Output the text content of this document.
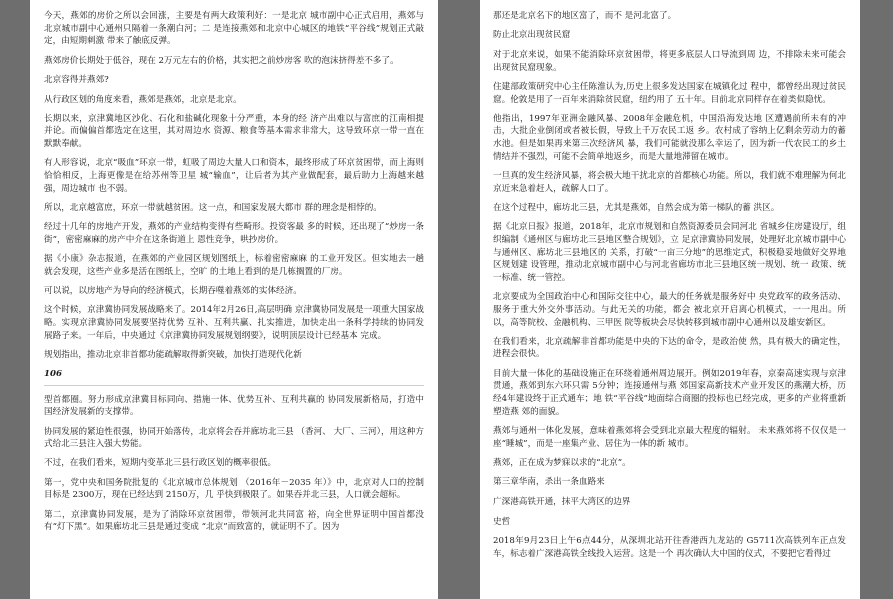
今天，燕郊的房价之所以会回涨，主要是有两大政策利好：一是北京 城市副中心正式启用，燕郊与北京城市副中心通州只隔着一条潮白河；二 是连接燕郊和北京中心城区的地铁“平谷线”规划正式敲定，由短期刺激 带来了触底反弹。

燕郊房价长期处于低谷，现在 2万元左右的价格，其实把之前炒房客 吹的泡沫挤得差不多了。

北京容得并燕郊?

从行政区划的角度来看，燕郊是燕郊，北京是北京。

长期以来，京津冀地区沙化、石化和盐碱化现象十分严重，本身的经 济产出难以与富庶的江南相提并论。而偏偏首都选定在这里，其对周边水 资源、粮食等基本需求非常大，这导致环京一带一直在默默奉献。

有人形容说，北京“吸血”环京一带，虹吸了周边大量人口和资本，最终形成了环京贫困带，而上海则恰恰相反，上海更像是在给苏州等卫星 城“输血”，让后者为其产业做配套，最后助力上海越来越强，周边城市 也不弱。

所以，北京越富庶，环京一带就越贫困。这一点，和国家发展大都市 群的理念是相悖的。

经过十几年的房地产开发，燕郊的产业结构变得有些畸形。投资客最 多的时候，还出现了“炒房一条街”，密密麻麻的房产中介在这条街道上 恩性竞争，哄抄房价。

据《小康》杂志报道，在燕郊的产业园区规划图纸上，标着密密麻麻 的工业开发区。但实地去一趟就会发现，这些产业多是活在图纸上，空旷 的土地上看到的是几栋搁置的厂房。

可以说，以房地产为导向的经济模式，长期吞噬着燕郊的实体经济。

这个时候，京津冀协同发展战略来了。2014年2月26日,高层明确 京津冀协同发展是一项重大国家战略。实现京津冀协同发展要坚持优势 互补、互利共赢、扎实推进，加快走出一条科学持续的协同发展路子来。一年后，中央通过《京津冀协同发展规划纲要》，说明顶层设计已经基本 完成。

规划指出，推动北京非首都功能疏解取得新突破，加快打造现代化新

106

型首都圈。努力形成京津冀目标同向、措施一体、优势互补、互利共赢的 协同发展新格局，打造中国经济发展新的支撑带。

协同发展的紧迫性很强，协同开始落传，北京将会吞并廊坊北三县 （香河、 大厂、三河），用这种方式给北三县注入强大势能。

不过，在我们看来，短期内变革北三县行政区划的概率很低。

第一，党中央和国务院批复的《北京城市总体规划 （2016年－2035 年）》中，北京对人口的控制目标是 2300万，现在已经达到 2150万，几 乎快到极限了。如果吞并北三县，人口就会超标。

第二，京津冀协同发展，是为了消除环京贫困带，带领河北共同富 裕，向全世界证明中国首都没有“灯下黑”。如果廊坊北三县是通过变成 “北京”而致富的，就证明不了。因为

那还是北京名下的地区富了，而不 是河北富了。

防止北京出现贫民窟

对于北京来说，如果不能消除环京贫困带，将更多底层人口导流到周 边，不排除未来可能会出现贫民窟现象。

住建部政策研究中心主任陈淮认为,历史上很多发达国家在城镇化过 程中，都曾经出现过贫民窟。伦敦是用了一百年来消除贫民窟，纽约用了 五十年。目前北京同样存在着类似隐忧。

他指出，1997年亚洲金融风暴、2008年金融危机，中国沿海发达地 区遭遇前所未有的冲击，大批企业倒闭或者被长假，导致上千万农民工返 乡。农村成了容纳上亿剩余劳动力的蓄水池。但是如果再来第三次经济风 暴，我们可能就没那么幸运了，因为新一代农民工的乡土情结并不强烈，可能不会简单地返乡，而是大量地滞留在城市。

一旦真的发生经济风暴，将会极大地干扰北京的首都核心功能。所以，我们就不难理解为何北京近来急着赶人，疏解人口了。

在这个过程中，廊坊北三县，尤其是燕郊，自然会成为第一梯队的蓄 洪区。

据《北京日报》报道，2018年，北京市规划和自然资源委员会同河北 省城乡住房建设厅，组织编制《通州区与廊坊北三县地区整合规划》，立 足京津冀协同发展，处理好北京城市副中心与通州区、廊坊北三县地区的 关系，打破“一亩三分地”的思维定式，积极稳妥地做好交界地区规划建 设管理，推动北京城市副中心与河北省廊坊市北三县地区统一规划、统一 政策、统一标准、统一管控。

北京要成为全国政治中心和国际交往中心，最大的任务就是服务好中 央党政军的政务活动、服务于重大外交外事活动。与此无关的功能，都会 被北京开启离心机模式，一一甩出。所以，高等院校、金融机构、三甲医 院等板块会尽快转移到城市副中心通州以及雄安新区。

在我们看来，北京疏解非首都功能是中央的下达的命令，是政治使 然，具有极大的确定性，进程会很快。

目前大量一体化的基础设施正在环绕着通州周边展开。例如2019年春，京秦高速实现与京津贯通，燕郊到东六环只需 5分钟；连接通州与燕 郊国家高新技术产业开发区的燕潮大桥，历经4年建设终于正式通车；地 铁“平谷线”地面综合商圈的投标也已经完成，更多的产业将重新塑造燕 郊的面貌。

燕郊与通州一体化发展，意味着燕郊将会受到北京最大程度的辐射。 未来燕郊将不仅仅是一座“睡城”，而是一座集产业、居住为一体的新 城市。

燕郊，正在成为梦寐以求的“北京”。

第三章华南，杀出一条血路来

广深港高铁开通，抹平大湾区的边界

史哲

2018年9月23日上午6点44分，从深圳北站开往香港西九龙站的 G5711次高铁列车正点发车，标志着广深港高铁全线投入运营。这是一个 再次确认大中国的仪式，不要把它看得过
